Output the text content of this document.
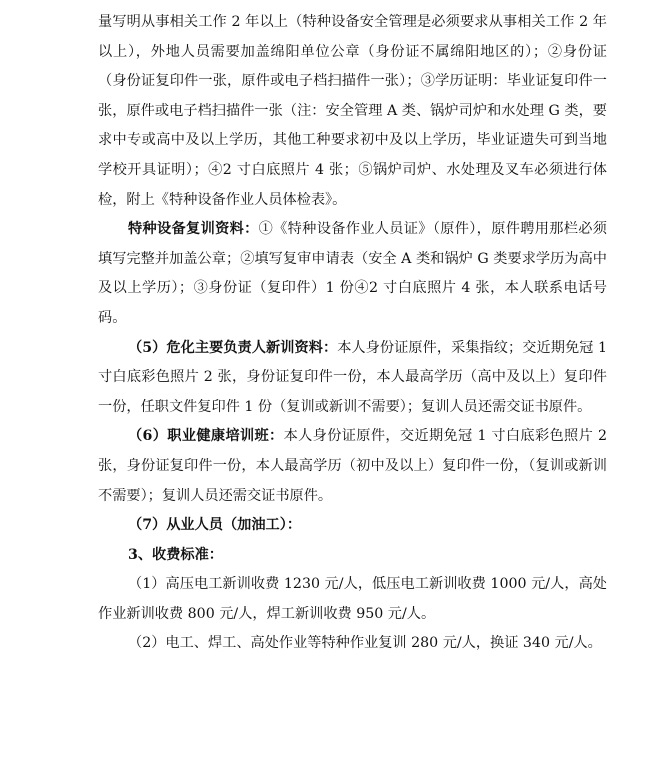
量写明从事相关工作 2 年以上（特种设备安全管理是必须要求从事相关工作 2 年以上），外地人员需要加盖绵阳单位公章（身份证不属绵阳地区的）；②身份证（身份证复印件一张，原件或电子档扫描件一张）；③学历证明：毕业证复印件一张，原件或电子档扫描件一张（注：安全管理 A 类、锅炉司炉和水处理 G 类，要求中专或高中及以上学历，其他工种要求初中及以上学历，毕业证遗失可到当地学校开具证明）；④2 寸白底照片 4 张；⑤锅炉司炉、水处理及叉车必须进行体检，附上《特种设备作业人员体检表》。

特种设备复训资料：①《特种设备作业人员证》（原件），原件聘用那栏必须填写完整并加盖公章；②填写复审申请表（安全 A 类和锅炉 G 类要求学历为高中及以上学历）；③身份证（复印件）1 份④2 寸白底照片 4 张，本人联系电话号码。

（5）危化主要负责人新训资料：本人身份证原件，采集指纹；交近期免冠 1 寸白底彩色照片 2 张，身份证复印件一份，本人最高学历（高中及以上）复印件一份，任职文件复印件 1 份（复训或新训不需要）；复训人员还需交证书原件。

（6）职业健康培训班：本人身份证原件，交近期免冠 1 寸白底彩色照片 2 张，身份证复印件一份，本人最高学历（初中及以上）复印件一份，（复训或新训不需要）；复训人员还需交证书原件。

（7）从业人员（加油工）：

3、收费标准：

（1）高压电工新训收费 1230 元/人，低压电工新训收费 1000 元/人，高处作业新训收费 800 元/人，焊工新训收费 950 元/人。

（2）电工、焊工、高处作业等特种作业复训 280 元/人，换证 340 元/人。
